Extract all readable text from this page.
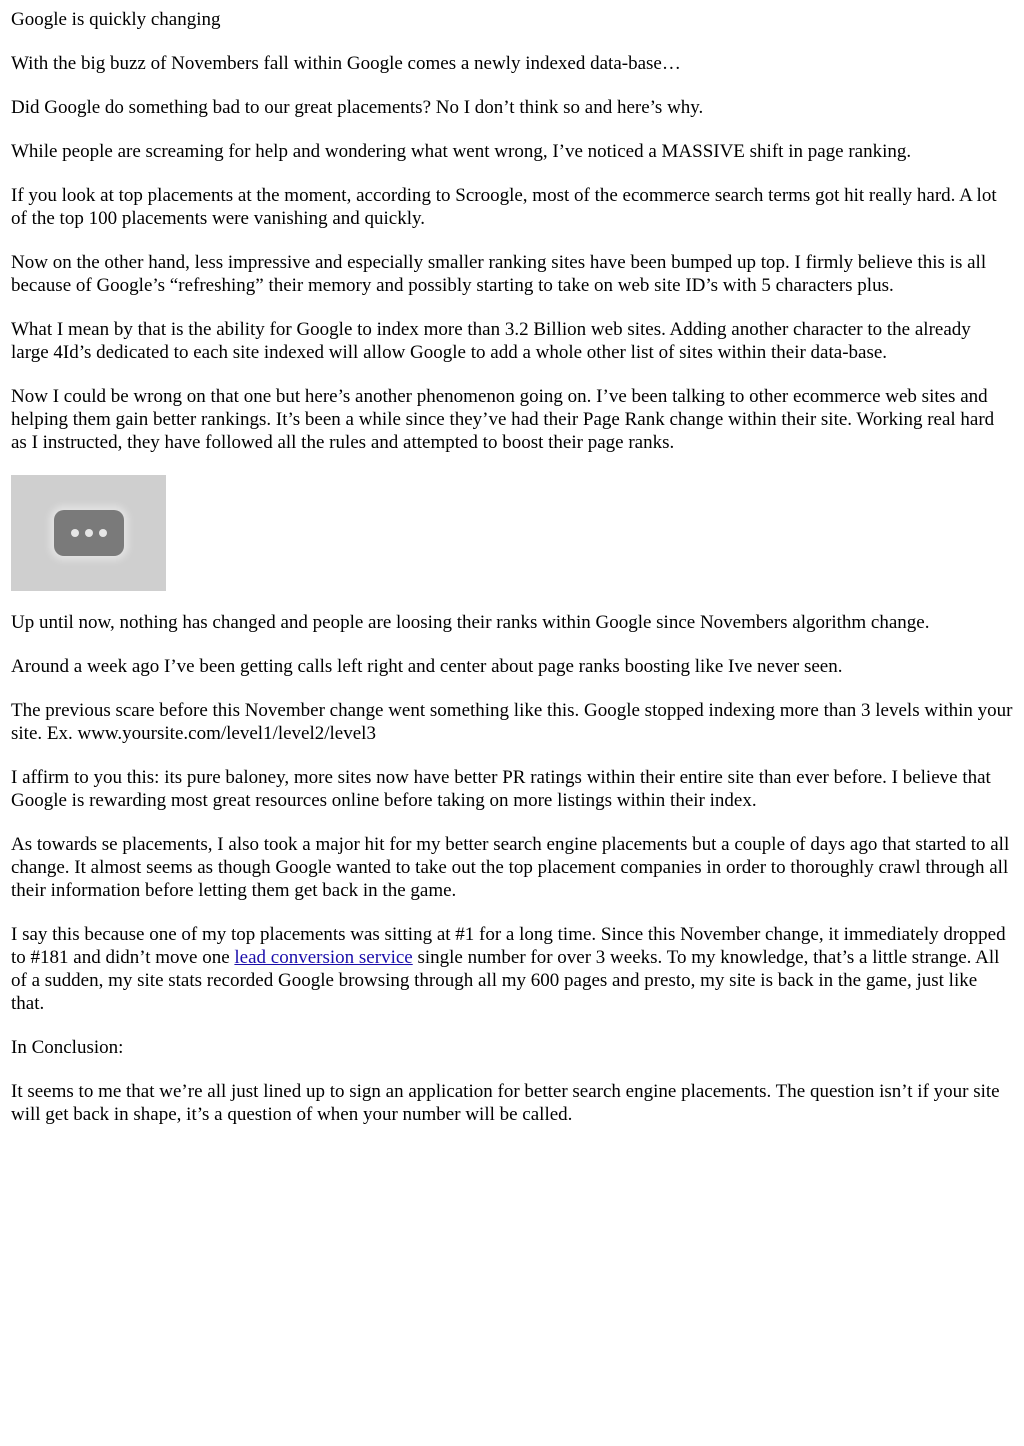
Google is quickly changing

With the big buzz of Novembers fall within Google comes a newly indexed data-base…

Did Google do something bad to our great placements? No I don’t think so and here’s why.

While people are screaming for help and wondering what went wrong, I’ve noticed a MASSIVE shift in page ranking.

If you look at top placements at the moment, according to Scroogle, most of the ecommerce search terms got hit really hard. A lot of the top 100 placements were vanishing and quickly.

Now on the other hand, less impressive and especially smaller ranking sites have been bumped up top. I firmly believe this is all because of Google’s “refreshing” their memory and possibly starting to take on web site ID’s with 5 characters plus.

What I mean by that is the ability for Google to index more than 3.2 Billion web sites. Adding another character to the already large 4Id’s dedicated to each site indexed will allow Google to add a whole other list of sites within their data-base.

Now I could be wrong on that one but here’s another phenomenon going on. I’ve been talking to other ecommerce web sites and helping them gain better rankings. It’s been a while since they’ve had their Page Rank change within their site. Working real hard as I instructed, they have followed all the rules and attempted to boost their page ranks.

Up until now, nothing has changed and people are loosing their ranks within Google since Novembers algorithm change.

Around a week ago I’ve been getting calls left right and center about page ranks boosting like Ive never seen.

The previous scare before this November change went something like this. Google stopped indexing more than 3 levels within your site. Ex. www.yoursite.com/level1/level2/level3

I affirm to you this: its pure baloney, more sites now have better PR ratings within their entire site than ever before. I believe that Google is rewarding most great resources online before taking on more listings within their index.

As towards se placements, I also took a major hit for my better search engine placements but a couple of days ago that started to all change. It almost seems as though Google wanted to take out the top placement companies in order to thoroughly crawl through all their information before letting them get back in the game.

I say this because one of my top placements was sitting at #1 for a long time. Since this November change, it immediately dropped to #181 and didn’t move one lead conversion service single number for over 3 weeks. To my knowledge, that’s a little strange. All of a sudden, my site stats recorded Google browsing through all my 600 pages and presto, my site is back in the game, just like that.

In Conclusion:

It seems to me that we’re all just lined up to sign an application for better search engine placements. The question isn’t if your site will get back in shape, it’s a question of when your number will be called.
